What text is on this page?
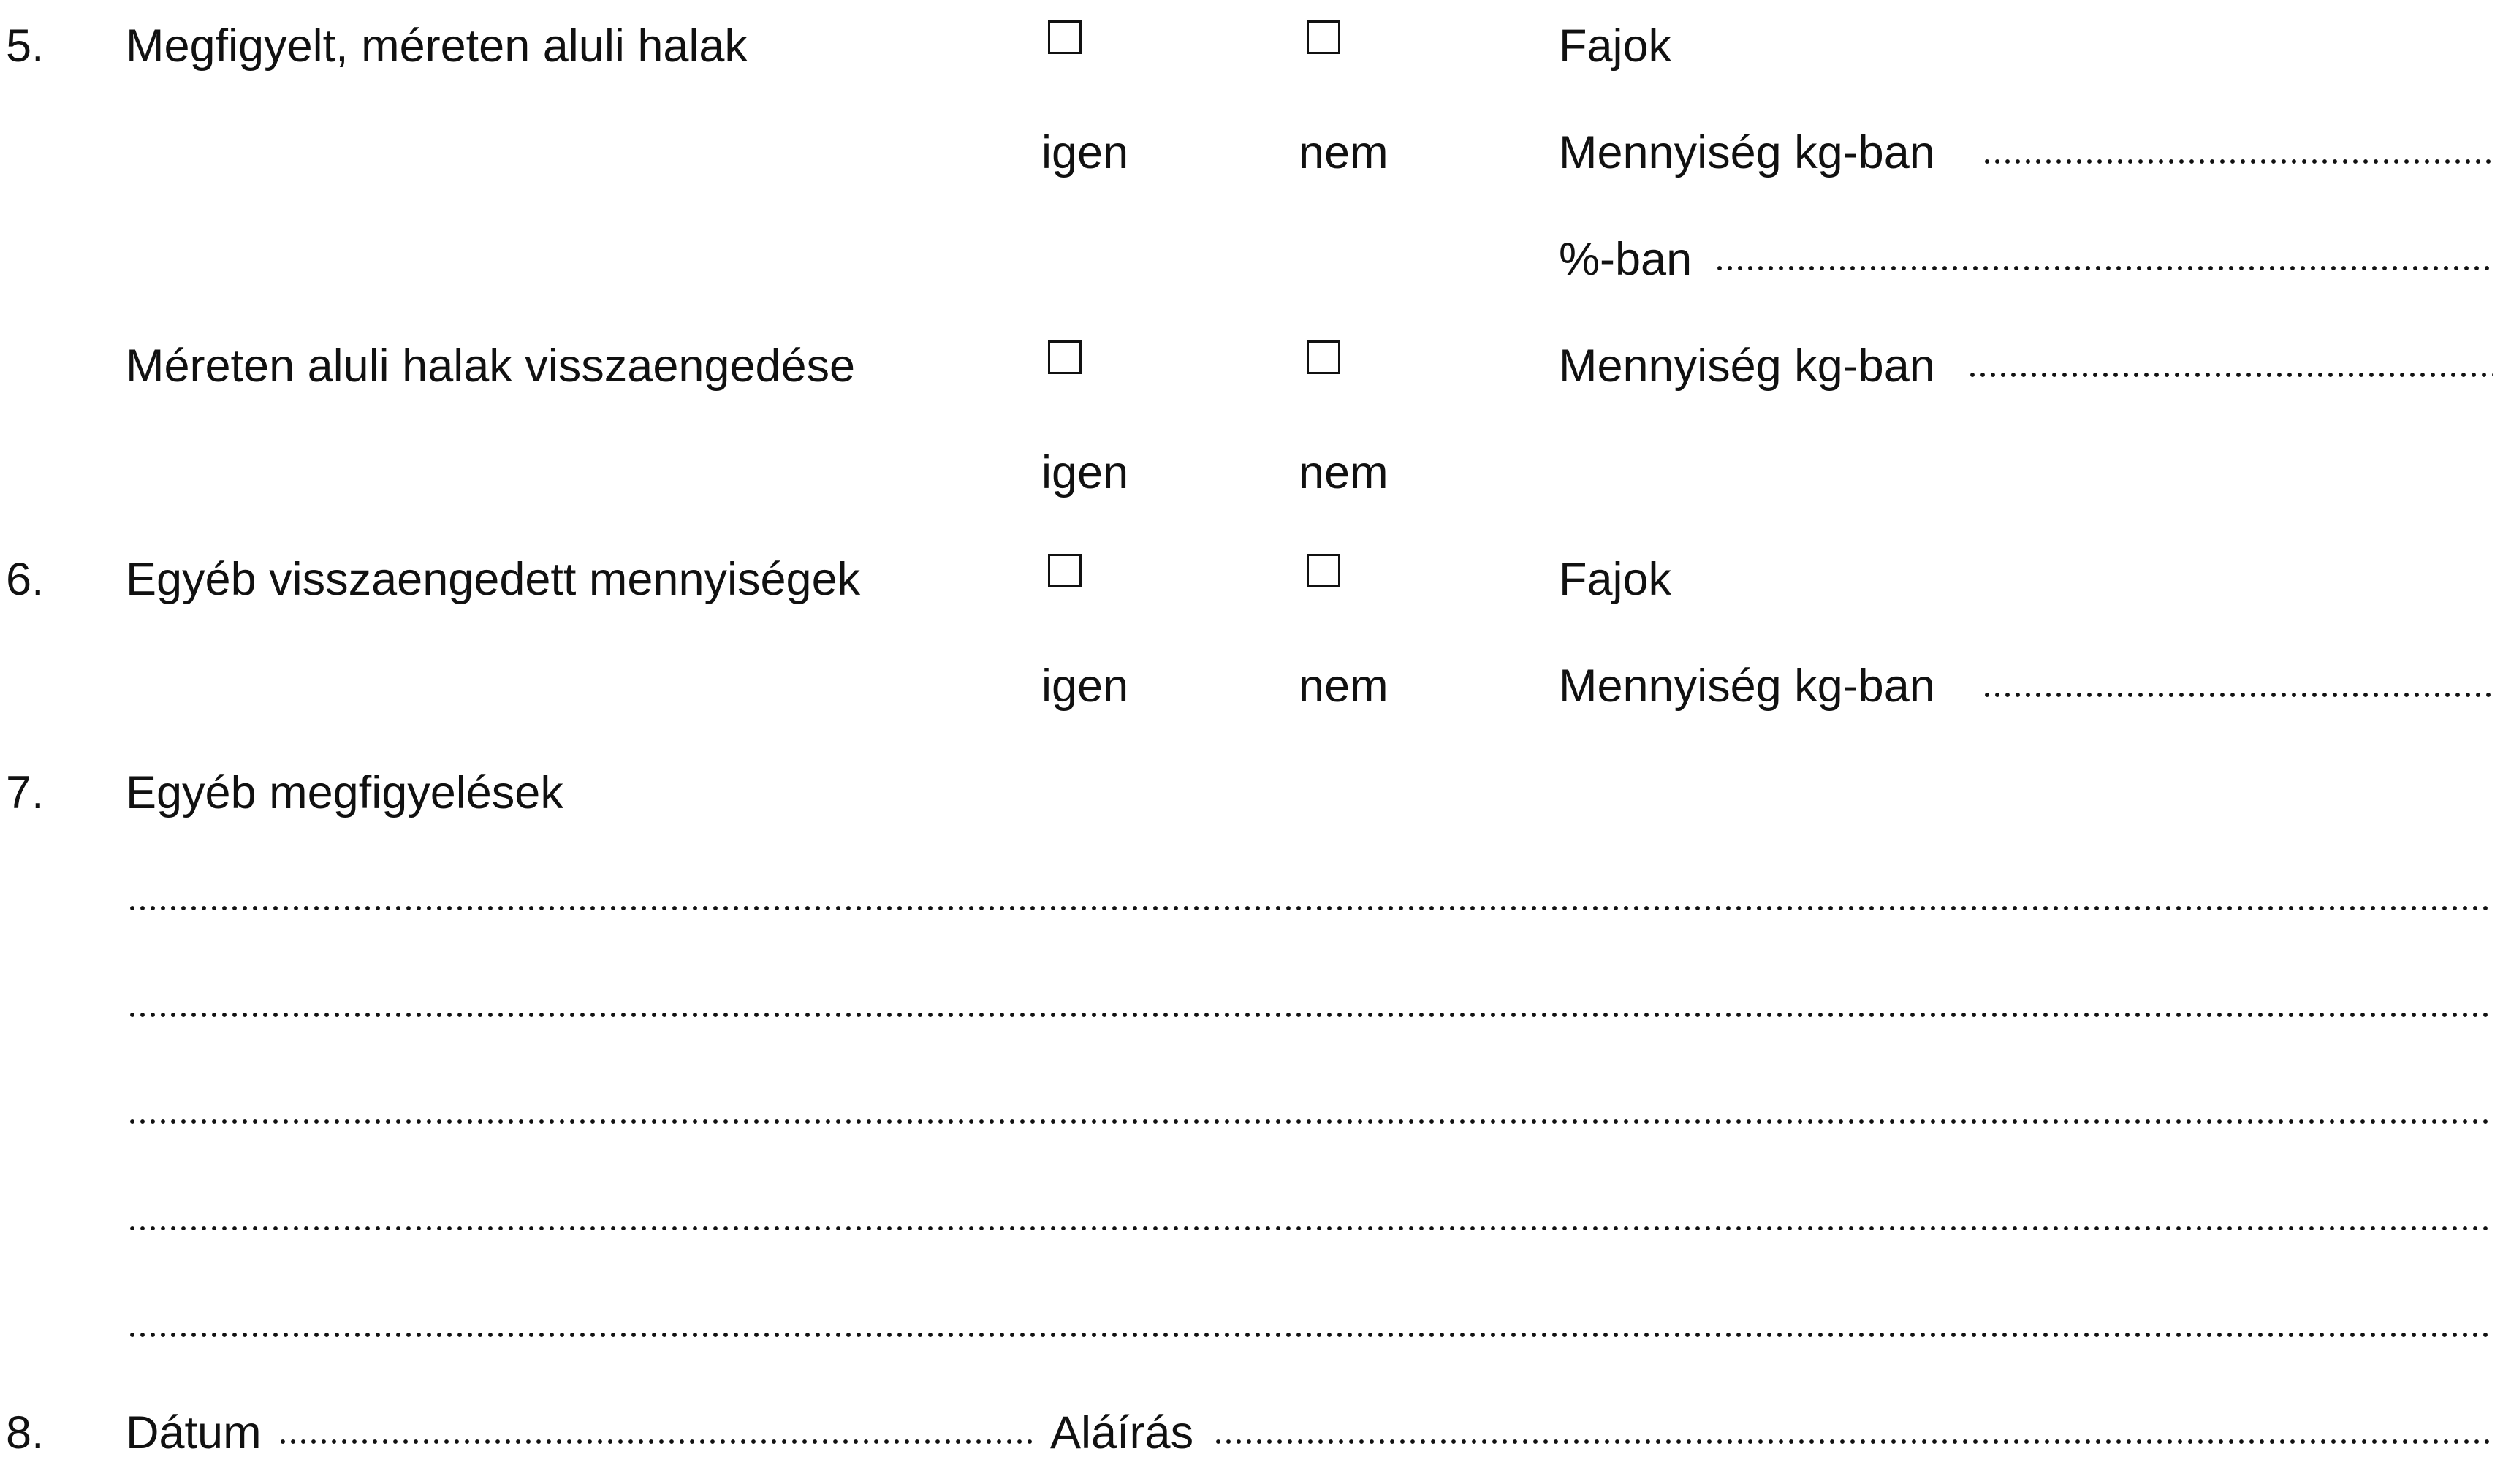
5. Megfigyelt, méreten aluli halak	Fajok
igen	nem	Mennyiség kg-ban
%-ban
Méreten aluli halak visszaengedése	Mennyiség kg-ban
igen	nem
6. Egyéb visszaengedett mennyiségek	Fajok
igen	nem	Mennyiség kg-ban
7. Egyéb megfigyelések
8. Dátum	Aláírás
